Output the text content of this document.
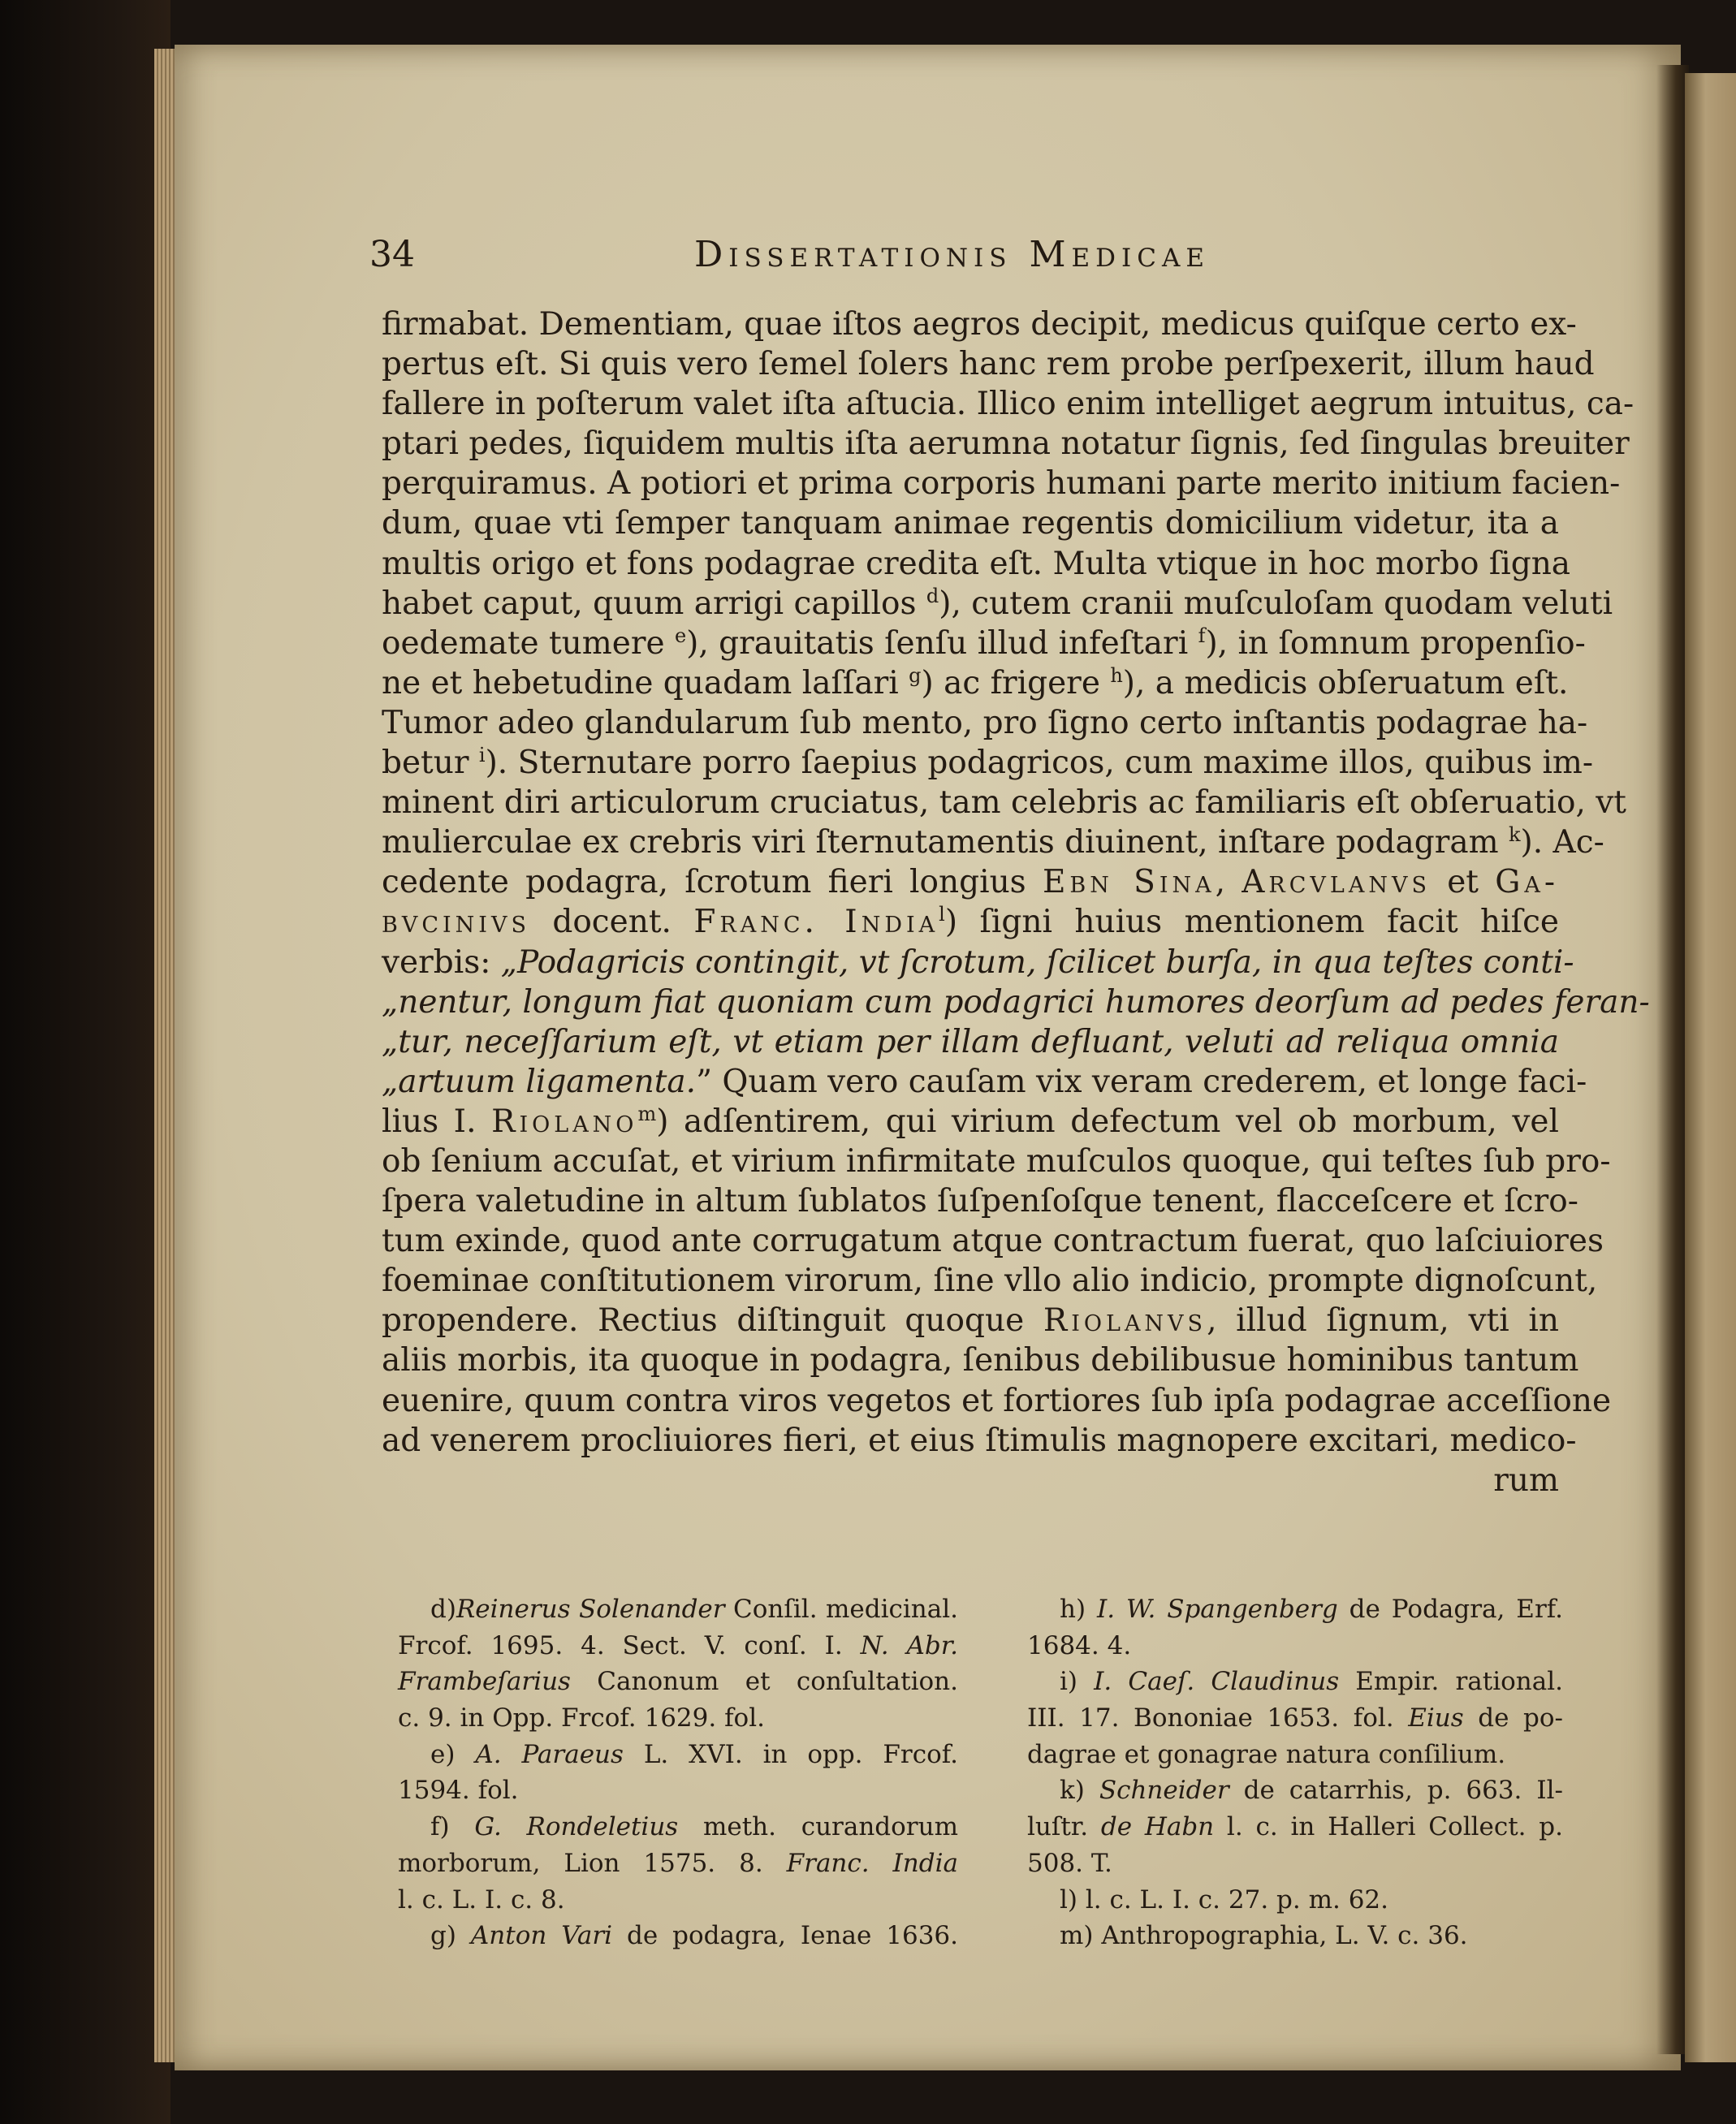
34	Dissertationis Medicae
firmabat. Dementiam, quae iſtos aegros decipit, medicus quiſque certo ex-
pertus eſt. Si quis vero ſemel ſolers hanc rem probe perſpexerit, illum haud
fallere in poſterum valet iſta aſtucia. Illico enim intelliget aegrum intuitus, ca-
ptari pedes, ſiquidem multis iſta aerumna notatur ſignis, ſed ſingulas breuiter
perquiramus. A potiori et prima corporis humani parte merito initium facien-
dum, quae vti ſemper tanquam animae regentis domicilium videtur, ita a
multis origo et fons podagrae credita eſt. Multa vtique in hoc morbo ſigna
habet caput, quum arrigi capillos $^d$), cutem cranii muſculoſam quodam veluti
oedemate tumere $^e$), grauitatis ſenſu illud infeſtari $^f$), in ſomnum propenſio-
ne et hebetudine quadam laſſari $^g$) ac frigere $^h$), a medicis obſeruatum eſt.
Tumor adeo glandularum ſub mento, pro ſigno certo inſtantis podagrae ha-
betur $^i$). Sternutare porro ſaepius podagricos, cum maxime illos, quibus im-
minent diri articulorum cruciatus, tam celebris ac familiaris eſt obſeruatio, vt
mulierculae ex crebris viri ſternutamentis diuinent, inſtare podagram $^k$). Ac-
cedente podagra, ſcrotum fieri longius Ebn Sina, Arcvlanvs et Ga-
bvcinivs docent. Franc. India$^l$) ſigni huius mentionem facit hiſce
verbis: „Podagricis contingit, vt ſcrotum, ſcilicet burſa, in qua teſtes conti-
„nentur, longum fiat quoniam cum podagrici humores deorſum ad pedes feran-
„tur, neceſſarium eſt, vt etiam per illam defluant, veluti ad reliqua omnia
„artuum ligamenta.” Quam vero cauſam vix veram crederem, et longe faci-
lius I. Riolano$^m$) adſentirem, qui virium defectum vel ob morbum, vel
ob ſenium accuſat, et virium infirmitate muſculos quoque, qui teſtes ſub pro-
ſpera valetudine in altum ſublatos ſuſpenſoſque tenent, flacceſcere et ſcro-
tum exinde, quod ante corrugatum atque contractum fuerat, quo laſciuiores
foeminae conſtitutionem virorum, ſine vllo alio indicio, prompte dignoſcunt,
propendere. Rectius diſtinguit quoque Riolanvs, illud ſignum, vti in
aliis morbis, ita quoque in podagra, ſenibus debilibusue hominibus tantum
euenire, quum contra viros vegetos et fortiores ſub ipſa podagrae acceſſione
ad venerem procliuiores fieri, et eius ſtimulis magnopere excitari, medico-
rum
d)Reinerus Solenander Conſil. medicinal.
Frcof. 1695. 4. Sect. V. conſ. I. N. Abr.
Frambeſarius Canonum et conſultation.
c. 9. in Opp. Frcof. 1629. fol.
e) A. Paraeus L. XVI. in opp. Frcof.
1594. fol.
f) G. Rondeletius meth. curandorum
morborum, Lion 1575. 8. Franc. India
l. c. L. I. c. 8.
g) Anton Vari de podagra, Ienae 1636.
h) I. W. Spangenberg de Podagra, Erf.
1684. 4.
i) I. Caeſ. Claudinus Empir. rational.
III. 17. Bononiae 1653. fol. Eius de po-
dagrae et gonagrae natura conſilium.
k) Schneider de catarrhis, p. 663. Il-
luſtr. de Habn l. c. in Halleri Collect. p.
508. T.
l) l. c. L. I. c. 27. p. m. 62.
m) Anthropographia, L. V. c. 36.
